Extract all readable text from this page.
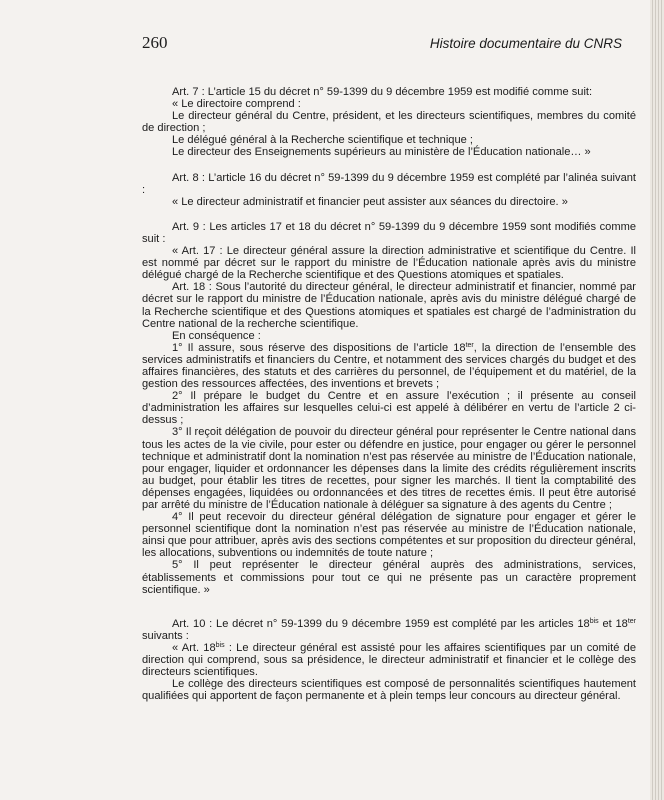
260	Histoire documentaire du CNRS

Art. 7 : L’article 15 du décret n° 59-1399 du 9 décembre 1959 est modifié comme suit:

« Le directoire comprend :

Le directeur général du Centre, président, et les directeurs scientifiques, membres du comité de direction ;

Le délégué général à la Recherche scientifique et technique ;

Le directeur des Enseignements supérieurs au ministère de l’Éducation nationale… »

Art. 8 : L’article 16 du décret n° 59-1399 du 9 décembre 1959 est complété par l’alinéa suivant :

« Le directeur administratif et financier peut assister aux séances du directoire. »

Art. 9 : Les articles 17 et 18 du décret n° 59-1399 du 9 décembre 1959 sont modifiés comme suit :

« Art. 17 : Le directeur général assure la direction administrative et scientifique du Centre. Il est nommé par décret sur le rapport du ministre de l’Éducation nationale après avis du ministre délégué chargé de la Recherche scientifique et des Questions atomiques et spatiales.

Art. 18 : Sous l’autorité du directeur général, le directeur administratif et financier, nommé par décret sur le rapport du ministre de l’Éducation nationale, après avis du ministre délégué chargé de la Recherche scientifique et des Questions atomiques et spatiales est chargé de l’administration du Centre national de la recherche scientifique.

En conséquence :

1° Il assure, sous réserve des dispositions de l’article $18^{ter}$, la direction de l’ensemble des services administratifs et financiers du Centre, et notamment des services chargés du budget et des affaires financières, des statuts et des carrières du personnel, de l’équipement et du matériel, de la gestion des ressources affectées, des inventions et brevets ;

2° Il prépare le budget du Centre et en assure l’exécution ; il présente au conseil d’administration les affaires sur lesquelles celui-ci est appelé à délibérer en vertu de l’article 2 ci-dessus ;

3° Il reçoit délégation de pouvoir du directeur général pour représenter le Centre national dans tous les actes de la vie civile, pour ester ou défendre en justice, pour engager ou gérer le personnel technique et administratif dont la nomination n’est pas réservée au ministre de l’Éducation nationale, pour engager, liquider et ordonnancer les dépenses dans la limite des crédits régulièrement inscrits au budget, pour établir les titres de recettes, pour signer les marchés. Il tient la comptabilité des dépenses engagées, liquidées ou ordonnancées et des titres de recettes émis. Il peut être autorisé par arrêté du ministre de l’Éducation nationale à déléguer sa signature à des agents du Centre ;

4° Il peut recevoir du directeur général délégation de signature pour engager et gérer le personnel scientifique dont la nomination n’est pas réservée au ministre de l’Éducation nationale, ainsi que pour attribuer, après avis des sections compétentes et sur proposition du directeur général, les allocations, subventions ou indemnités de toute nature ;

5° Il peut représenter le directeur général auprès des administrations, services, établissements et commissions pour tout ce qui ne présente pas un caractère proprement scientifique. »

Art. 10 : Le décret n° 59-1399 du 9 décembre 1959 est complété par les articles $18^{bis}$ et $18^{ter}$ suivants :

« Art. $18^{bis}$ : Le directeur général est assisté pour les affaires scientifiques par un comité de direction qui comprend, sous sa présidence, le directeur administratif et financier et le collège des directeurs scientifiques.

Le collège des directeurs scientifiques est composé de personnalités scientifiques hautement qualifiées qui apportent de façon permanente et à plein temps leur concours au directeur général.
